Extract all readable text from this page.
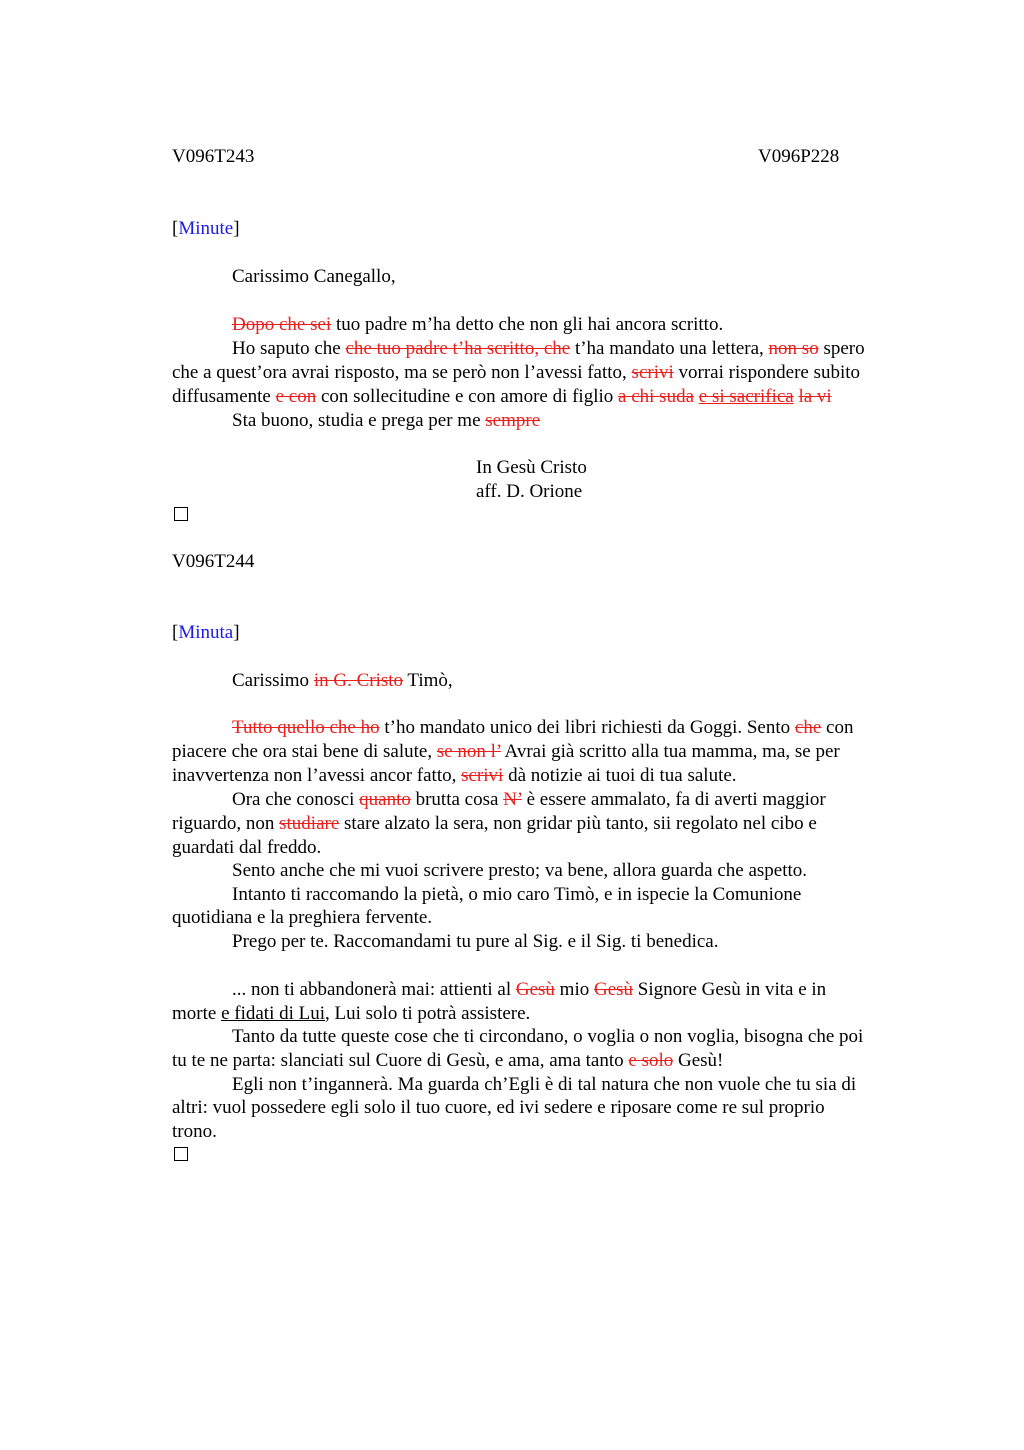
V096T243	V096P228
[Minute]
Carissimo Canegallo,
Dopo che sei tuo padre m’ha detto che non gli hai ancora scritto.
Ho saputo che che tuo padre t’ha scritto, che t’ha mandato una lettera, non so spero
che a quest’ora avrai risposto, ma se però non l’avessi fatto, scrivi vorrai rispondere subito
diffusamente e con con sollecitudine e con amore di figlio a chi suda e si sacrifica la vi
Sta buono, studia e prega per me sempre
In Gesù Cristo
aff. D. Orione
V096T244
[Minuta]
Carissimo in G. Cristo Timò,
Tutto quello che ho t’ho mandato unico dei libri richiesti da Goggi. Sento che con
piacere che ora stai bene di salute, se non l’ Avrai già scritto alla tua mamma, ma, se per
inavvertenza non l’avessi ancor fatto, scrivi dà notizie ai tuoi di tua salute.
Ora che conosci quanto brutta cosa N’ è essere ammalato, fa di averti maggior
riguardo, non studiare stare alzato la sera, non gridar più tanto, sii regolato nel cibo e
guardati dal freddo.
Sento anche che mi vuoi scrivere presto; va bene, allora guarda che aspetto.
Intanto ti raccomando la pietà, o mio caro Timò, e in ispecie la Comunione
quotidiana e la preghiera fervente.
Prego per te. Raccomandami tu pure al Sig. e il Sig. ti benedica.
... non ti abbandonerà mai: attienti al Gesù mio Gesù Signore Gesù in vita e in
morte e fidati di Lui, Lui solo ti potrà assistere.
Tanto da tutte queste cose che ti circondano, o voglia o non voglia, bisogna che poi
tu te ne parta: slanciati sul Cuore di Gesù, e ama, ama tanto e solo Gesù!
Egli non t’ingannerà. Ma guarda ch’Egli è di tal natura che non vuole che tu sia di
altri: vuol possedere egli solo il tuo cuore, ed ivi sedere e riposare come re sul proprio
trono.
